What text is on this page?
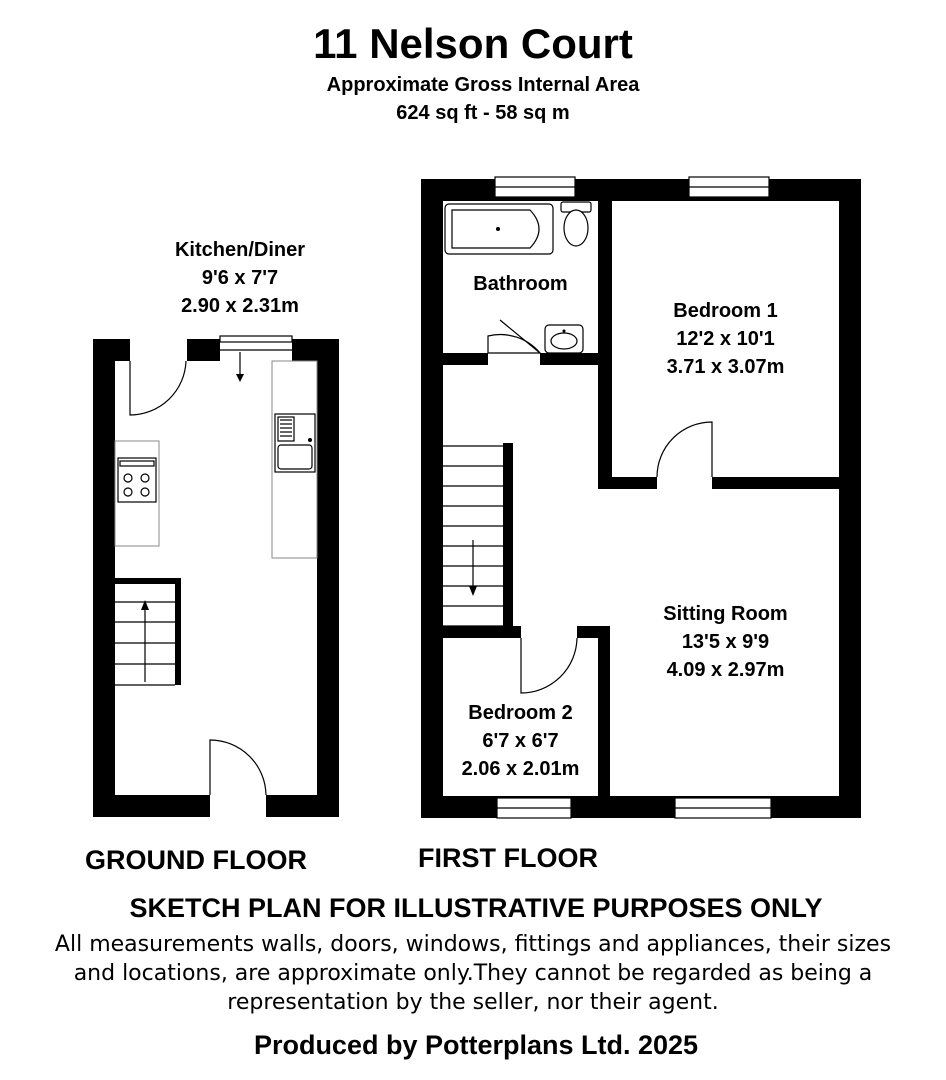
11 Nelson Court
Approximate Gross Internal Area
624 sq ft - 58 sq m
Kitchen/Diner
9'6 x 7'7
2.90 x 2.31m
Bathroom
Bedroom 1
12'2 x 10'1
3.71 x 3.07m
Sitting Room
13'5 x 9'9
4.09 x 2.97m
Bedroom 2
6'7 x 6'7
2.06 x 2.01m
GROUND FLOOR	FIRST FLOOR
SKETCH PLAN FOR ILLUSTRATIVE PURPOSES ONLY
All measurements walls, doors, windows, fittings and appliances, their sizes and locations, are approximate only.They cannot be regarded as being a representation by the seller, nor their agent.
Produced by Potterplans Ltd. 2025
